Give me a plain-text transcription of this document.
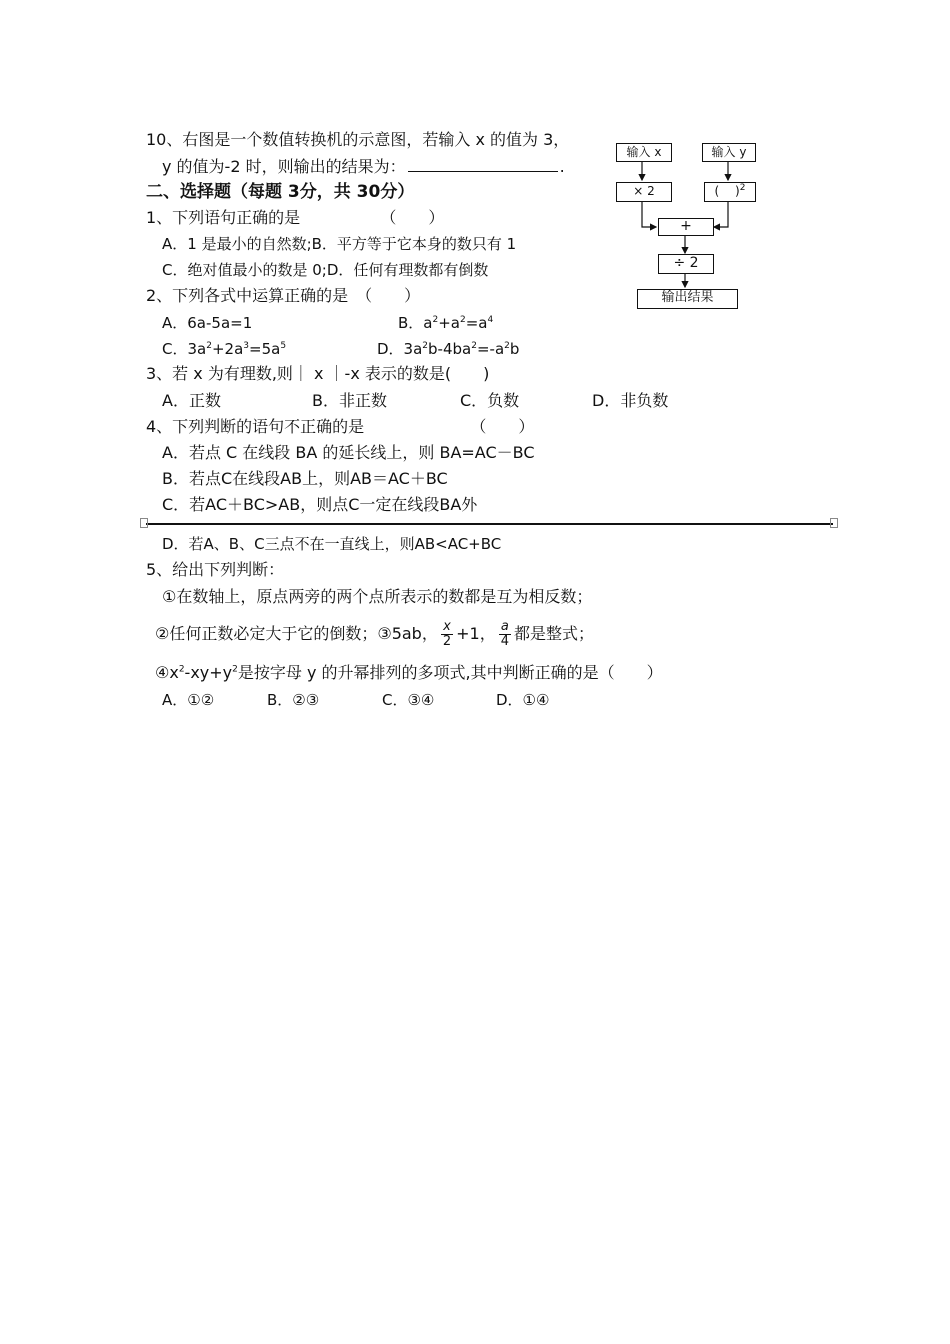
10、右图是一个数值转换机的示意图，若输入 x 的值为 3，
y 的值为-2 时，则输出的结果为：	.
二、选择题（每题 3分，共 30分）
1、下列语句正确的是	（　　）
A．1 是最小的自然数;B．平方等于它本身的数只有 1
C．绝对值最小的数是 0;D．任何有理数都有倒数
2、下列各式中运算正确的是　（　　）
A．6a-5a=1	B．$a^2+a^2=a^4$
C．$3a^2+2a^3=5a^5$	D．$3a^2b-4ba^2=-a^2b$
3、若 x 为有理数,则｜ x ｜-x 表示的数是(　　)
A．正数	B．非正数	C．负数	D．非负数
4、下列判断的语句不正确的是	（　　）
A．若点 C 在线段 BA 的延长线上，则 BA=AC－BC
B．若点C在线段AB上，则AB＝AC＋BC
C．若AC＋BC>AB，则点C一定在线段BA外
D．若A、B、C三点不在一直线上，则AB<AC+BC
5、给出下列判断：
①在数轴上，原点两旁的两个点所表示的数都是互为相反数；
②任何正数必定大于它的倒数；③5ab， $\frac{x}{2} +1$， $\frac{a}{4}$ 都是整式；
$④x^2-xy+y^2$是按字母 y 的升幂排列的多项式,其中判断正确的是（　　）
A．①②	B．②③	C．③④	D．①④
输入 x	输入 y
× 2	(　 )$^2$
+
÷ 2
输出结果
